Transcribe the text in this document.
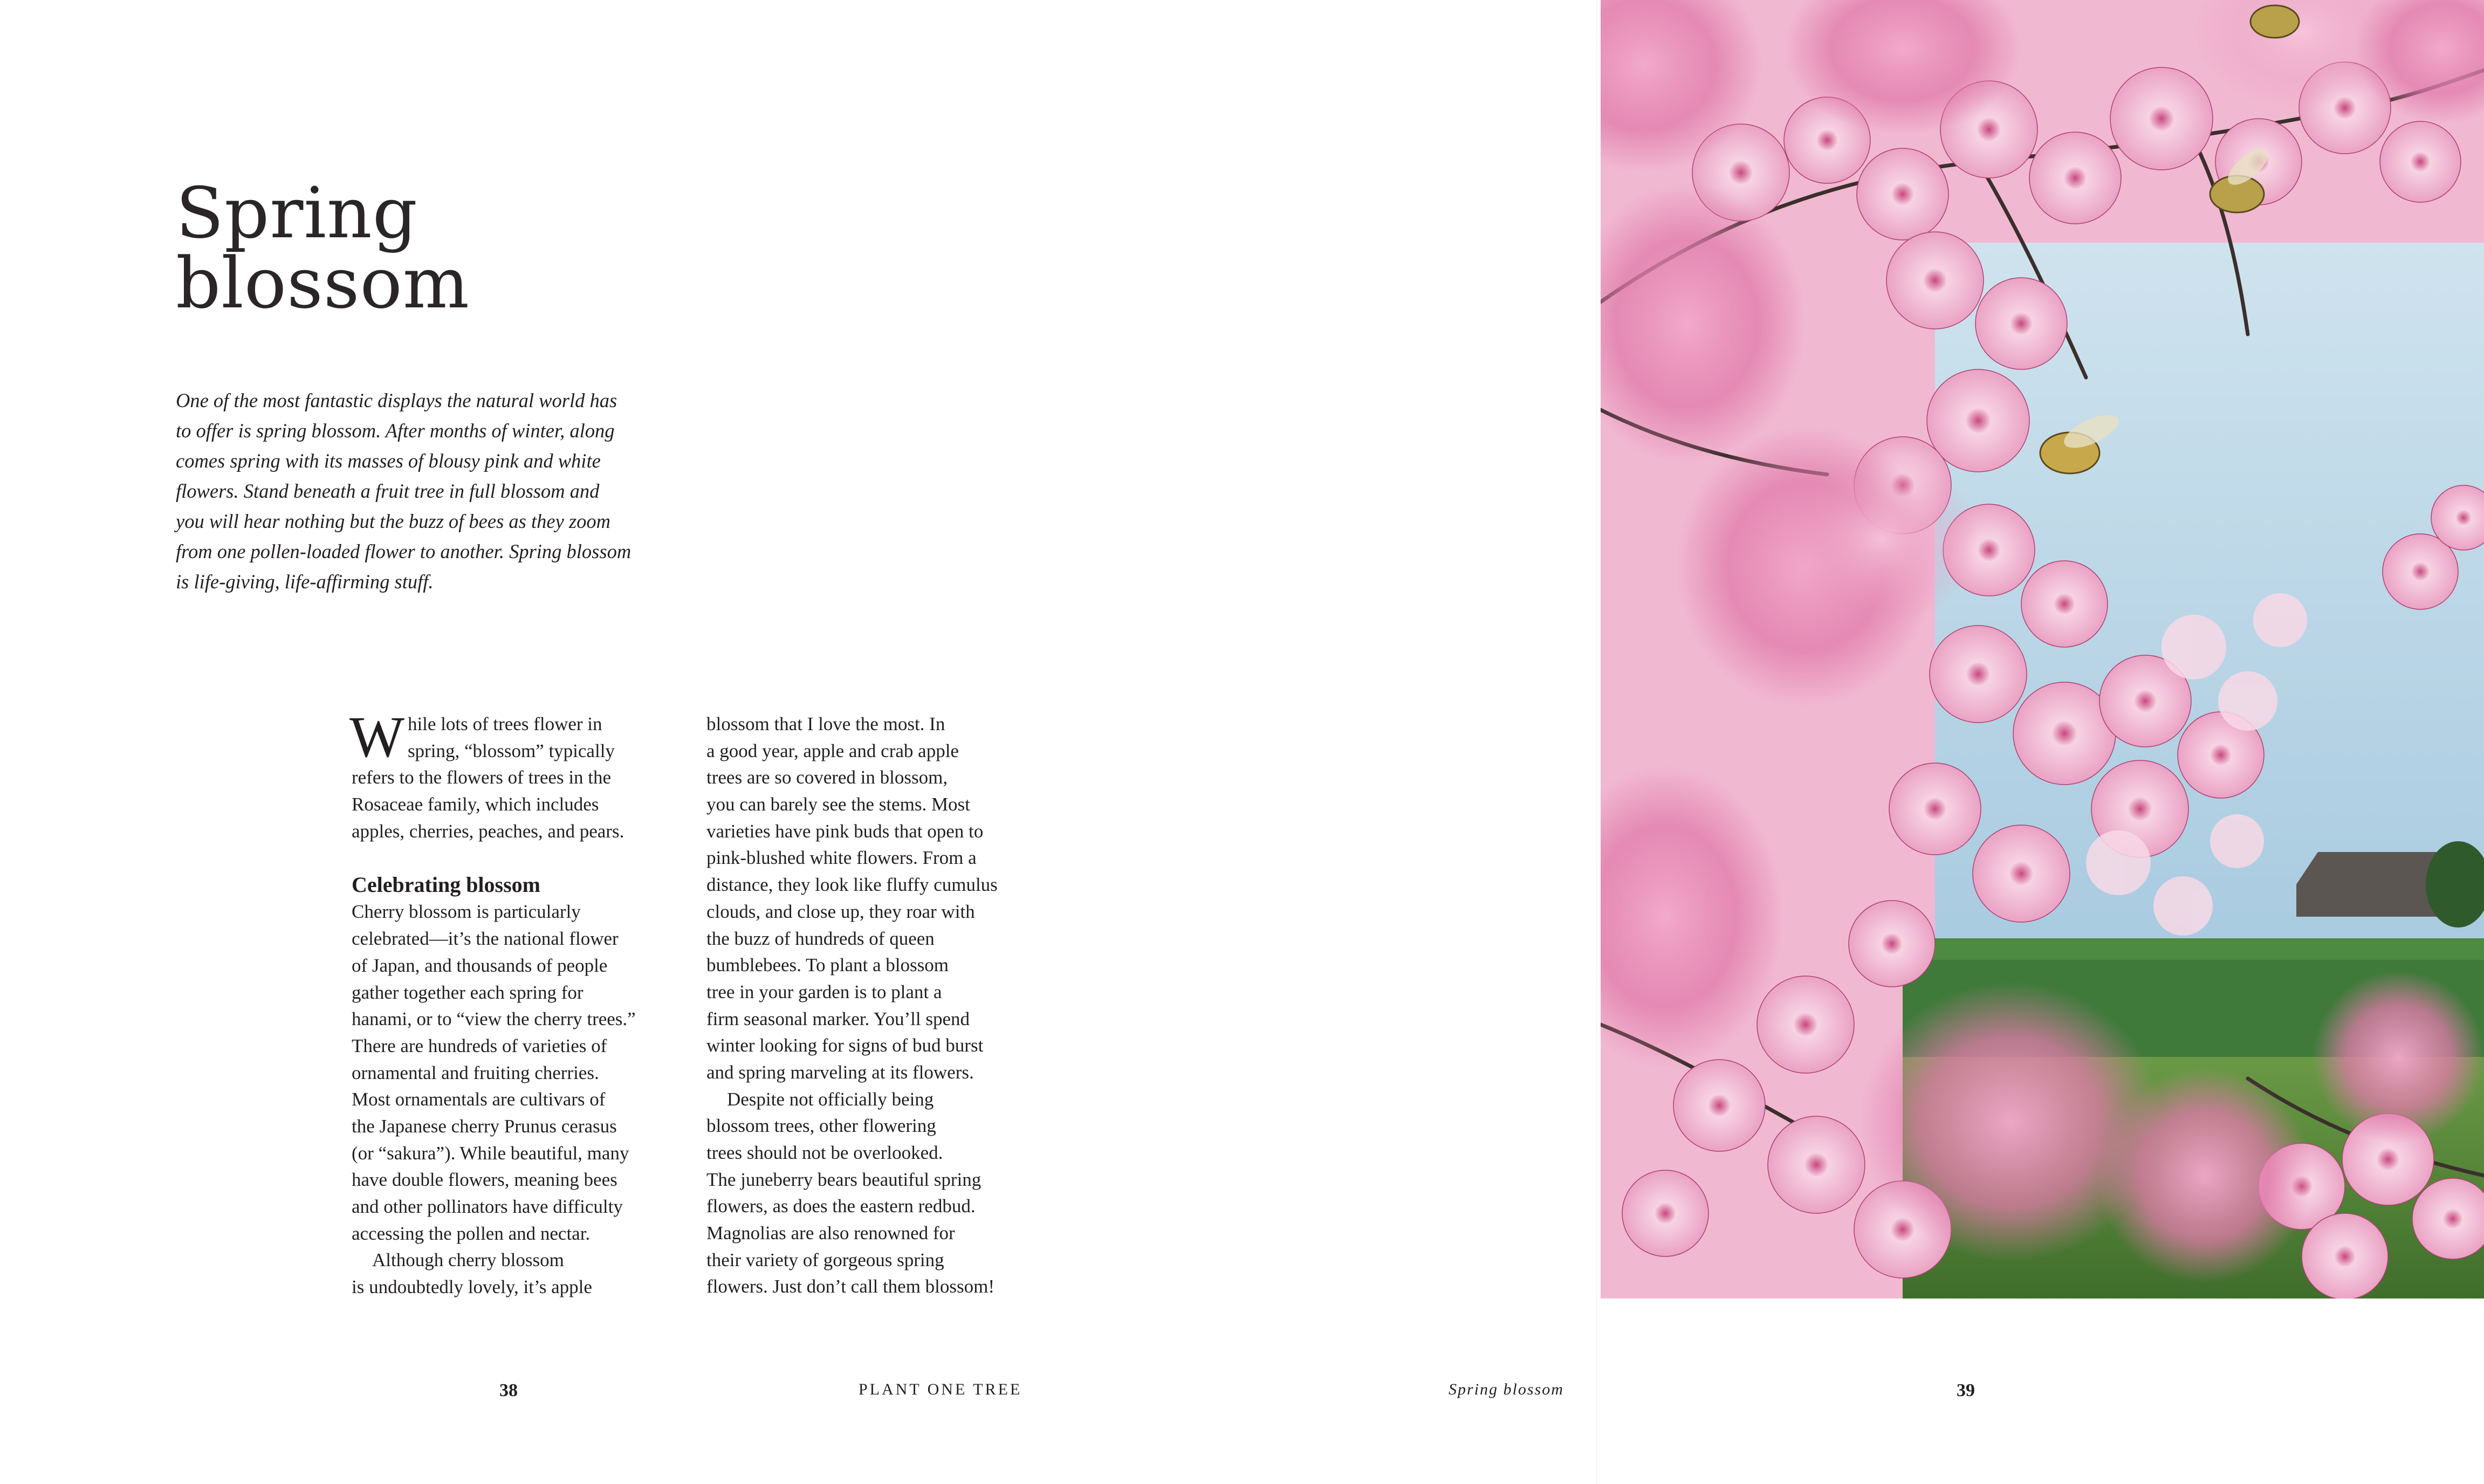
Spring
blossom
One of the most fantastic displays the natural world has
to offer is spring blossom. After months of winter, along
comes spring with its masses of blousy pink and white
flowers. Stand beneath a fruit tree in full blossom and
you will hear nothing but the buzz of bees as they zoom
from one pollen-loaded flower to another. Spring blossom
is life-giving, life-affirming stuff.
W hile lots of trees flower in
spring, “blossom” typically
refers to the flowers of trees in the
Rosaceae family, which includes
apples, cherries, peaches, and pears.
Celebrating blossom
Cherry blossom is particularly
celebrated—it’s the national flower
of Japan, and thousands of people
gather together each spring for
hanami, or to “view the cherry trees.”
There are hundreds of varieties of
ornamental and fruiting cherries.
Most ornamentals are cultivars of
the Japanese cherry Prunus cerasus
(or “sakura”). While beautiful, many
have double flowers, meaning bees
and other pollinators have difficulty
accessing the pollen and nectar.
Although cherry blossom
is undoubtedly lovely, it’s apple
blossom that I love the most. In
a good year, apple and crab apple
trees are so covered in blossom,
you can barely see the stems. Most
varieties have pink buds that open to
pink-blushed white flowers. From a
distance, they look like fluffy cumulus
clouds, and close up, they roar with
the buzz of hundreds of queen
bumblebees. To plant a blossom
tree in your garden is to plant a
firm seasonal marker. You’ll spend
winter looking for signs of bud burst
and spring marveling at its flowers.
Despite not officially being
blossom trees, other flowering
trees should not be overlooked.
The juneberry bears beautiful spring
flowers, as does the eastern redbud.
Magnolias are also renowned for
their variety of gorgeous spring
flowers. Just don’t call them blossom!
38	PLANT ONE TREE	Spring blossom	39
